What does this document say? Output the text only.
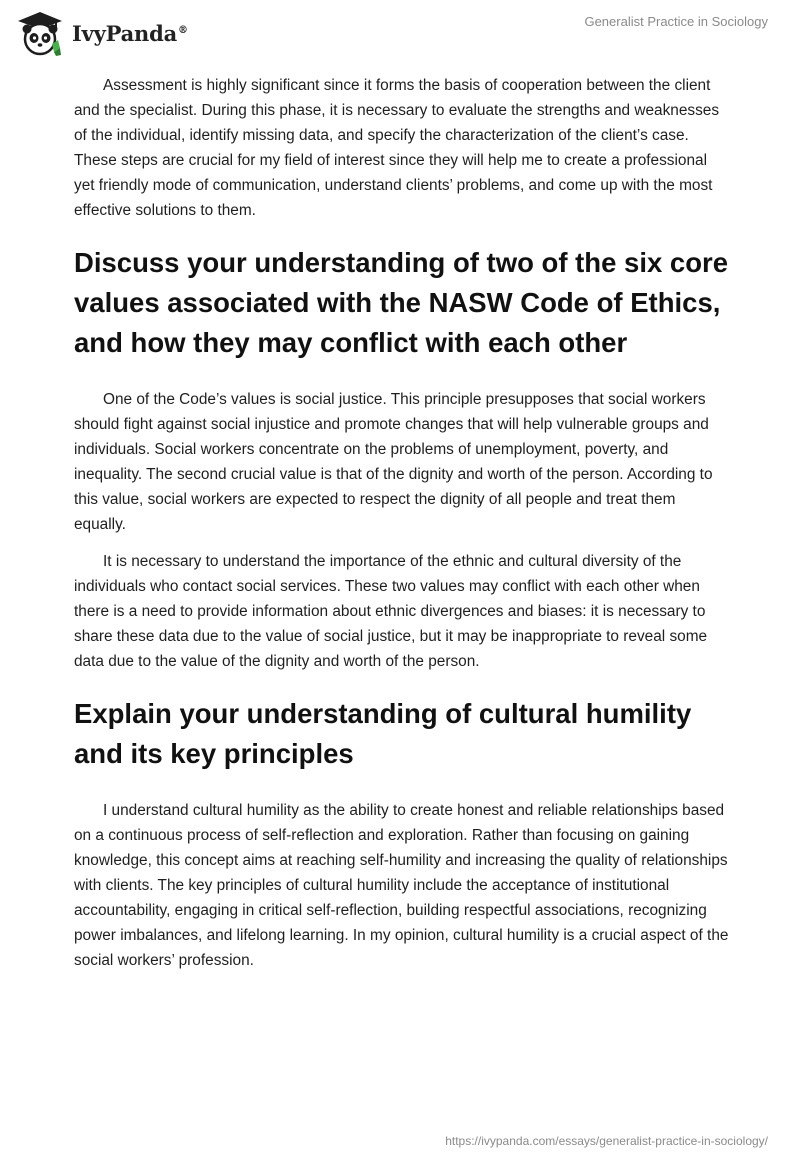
IvyPanda®
Generalist Practice in Sociology

Assessment is highly significant since it forms the basis of cooperation between the client and the specialist. During this phase, it is necessary to evaluate the strengths and weaknesses of the individual, identify missing data, and specify the characterization of the client’s case. These steps are crucial for my field of interest since they will help me to create a professional yet friendly mode of communication, understand clients’ problems, and come up with the most effective solutions to them.

Discuss your understanding of two of the six core values associated with the NASW Code of Ethics, and how they may conflict with each other

One of the Code’s values is social justice. This principle presupposes that social workers should fight against social injustice and promote changes that will help vulnerable groups and individuals. Social workers concentrate on the problems of unemployment, poverty, and inequality. The second crucial value is that of the dignity and worth of the person. According to this value, social workers are expected to respect the dignity of all people and treat them equally.

It is necessary to understand the importance of the ethnic and cultural diversity of the individuals who contact social services. These two values may conflict with each other when there is a need to provide information about ethnic divergences and biases: it is necessary to share these data due to the value of social justice, but it may be inappropriate to reveal some data due to the value of the dignity and worth of the person.

Explain your understanding of cultural humility and its key principles

I understand cultural humility as the ability to create honest and reliable relationships based on a continuous process of self-reflection and exploration. Rather than focusing on gaining knowledge, this concept aims at reaching self-humility and increasing the quality of relationships with clients. The key principles of cultural humility include the acceptance of institutional accountability, engaging in critical self-reflection, building respectful associations, recognizing power imbalances, and lifelong learning. In my opinion, cultural humility is a crucial aspect of the social workers’ profession.

https://ivypanda.com/essays/generalist-practice-in-sociology/
